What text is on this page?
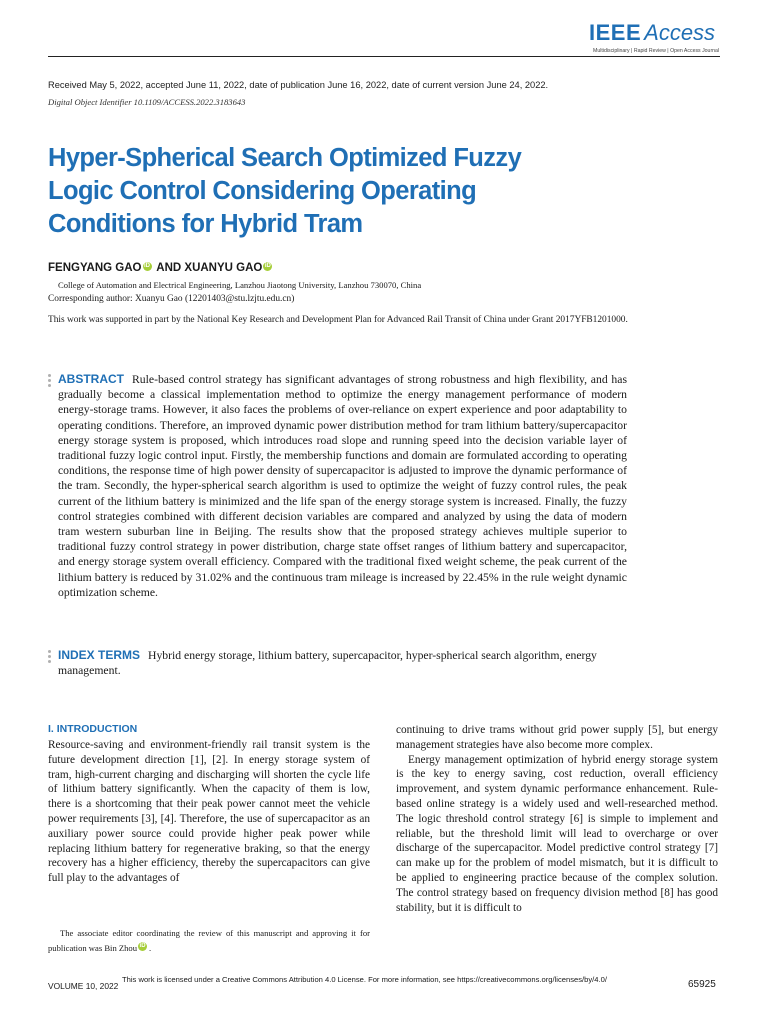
IEEE Access
Multidisciplinary | Rapid Review | Open Access Journal
Received May 5, 2022, accepted June 11, 2022, date of publication June 16, 2022, date of current version June 24, 2022.
Digital Object Identifier 10.1109/ACCESS.2022.3183643
Hyper-Spherical Search Optimized Fuzzy Logic Control Considering Operating Conditions for Hybrid Tram
FENGYANG GAO iD AND XUANYU GAO iD
College of Automation and Electrical Engineering, Lanzhou Jiaotong University, Lanzhou 730070, China
Corresponding author: Xuanyu Gao (12201403@stu.lzjtu.edu.cn)
This work was supported in part by the National Key Research and Development Plan for Advanced Rail Transit of China under Grant 2017YFB1201000.
ABSTRACT Rule-based control strategy has significant advantages of strong robustness and high flexibility, and has gradually become a classical implementation method to optimize the energy management performance of modern energy-storage trams. However, it also faces the problems of over-reliance on expert experience and poor adaptability to operating conditions. Therefore, an improved dynamic power distribution method for tram lithium battery/supercapacitor energy storage system is proposed, which introduces road slope and running speed into the decision variable layer of traditional fuzzy logic control input. Firstly, the membership functions and domain are formulated according to operating conditions, the response time of high power density of supercapacitor is adjusted to improve the dynamic performance of the tram. Secondly, the hyper-spherical search algorithm is used to optimize the weight of fuzzy control rules, the peak current of the lithium battery is minimized and the life span of the energy storage system is increased. Finally, the fuzzy control strategies combined with different decision variables are compared and analyzed by using the data of modern tram western suburban line in Beijing. The results show that the proposed strategy achieves multiple superior to traditional fuzzy control strategy in power distribution, charge state offset ranges of lithium battery and supercapacitor, and energy storage system overall efficiency. Compared with the traditional fixed weight scheme, the peak current of the lithium battery is reduced by 31.02% and the continuous tram mileage is increased by 22.45% in the rule weight dynamic optimization scheme.
INDEX TERMS Hybrid energy storage, lithium battery, supercapacitor, hyper-spherical search algorithm, energy management.
I. INTRODUCTION

Resource-saving and environment-friendly rail transit system is the future development direction [1], [2]. In energy storage system of tram, high-current charging and discharging will shorten the cycle life of lithium battery significantly. When the capacity of them is low, there is a shortcoming that their peak power cannot meet the vehicle power requirements [3], [4]. Therefore, the use of supercapacitor as an auxiliary power source could provide higher peak power while replacing lithium battery for regenerative braking, so that the energy recovery has a higher efficiency, thereby the supercapacitors can give full play to the advantages of

continuing to drive trams without grid power supply [5], but energy management strategies have also become more complex.

Energy management optimization of hybrid energy storage system is the key to energy saving, cost reduction, overall efficiency improvement, and system dynamic performance enhancement. Rule-based online strategy is a widely used and well-researched method. The logic threshold control strategy [6] is simple to implement and reliable, but the threshold limit will lead to overcharge or over discharge of the supercapacitor. Model predictive control strategy [7] can make up for the problem of model mismatch, but it is difficult to be applied to engineering practice because of the complex solution. The control strategy based on frequency division method [8] has good stability, but it is difficult to

The associate editor coordinating the review of this manuscript and approving it for publication was Bin Zhou iD .
VOLUME 10, 2022
This work is licensed under a Creative Commons Attribution 4.0 License. For more information, see https://creativecommons.org/licenses/by/4.0/	65925
